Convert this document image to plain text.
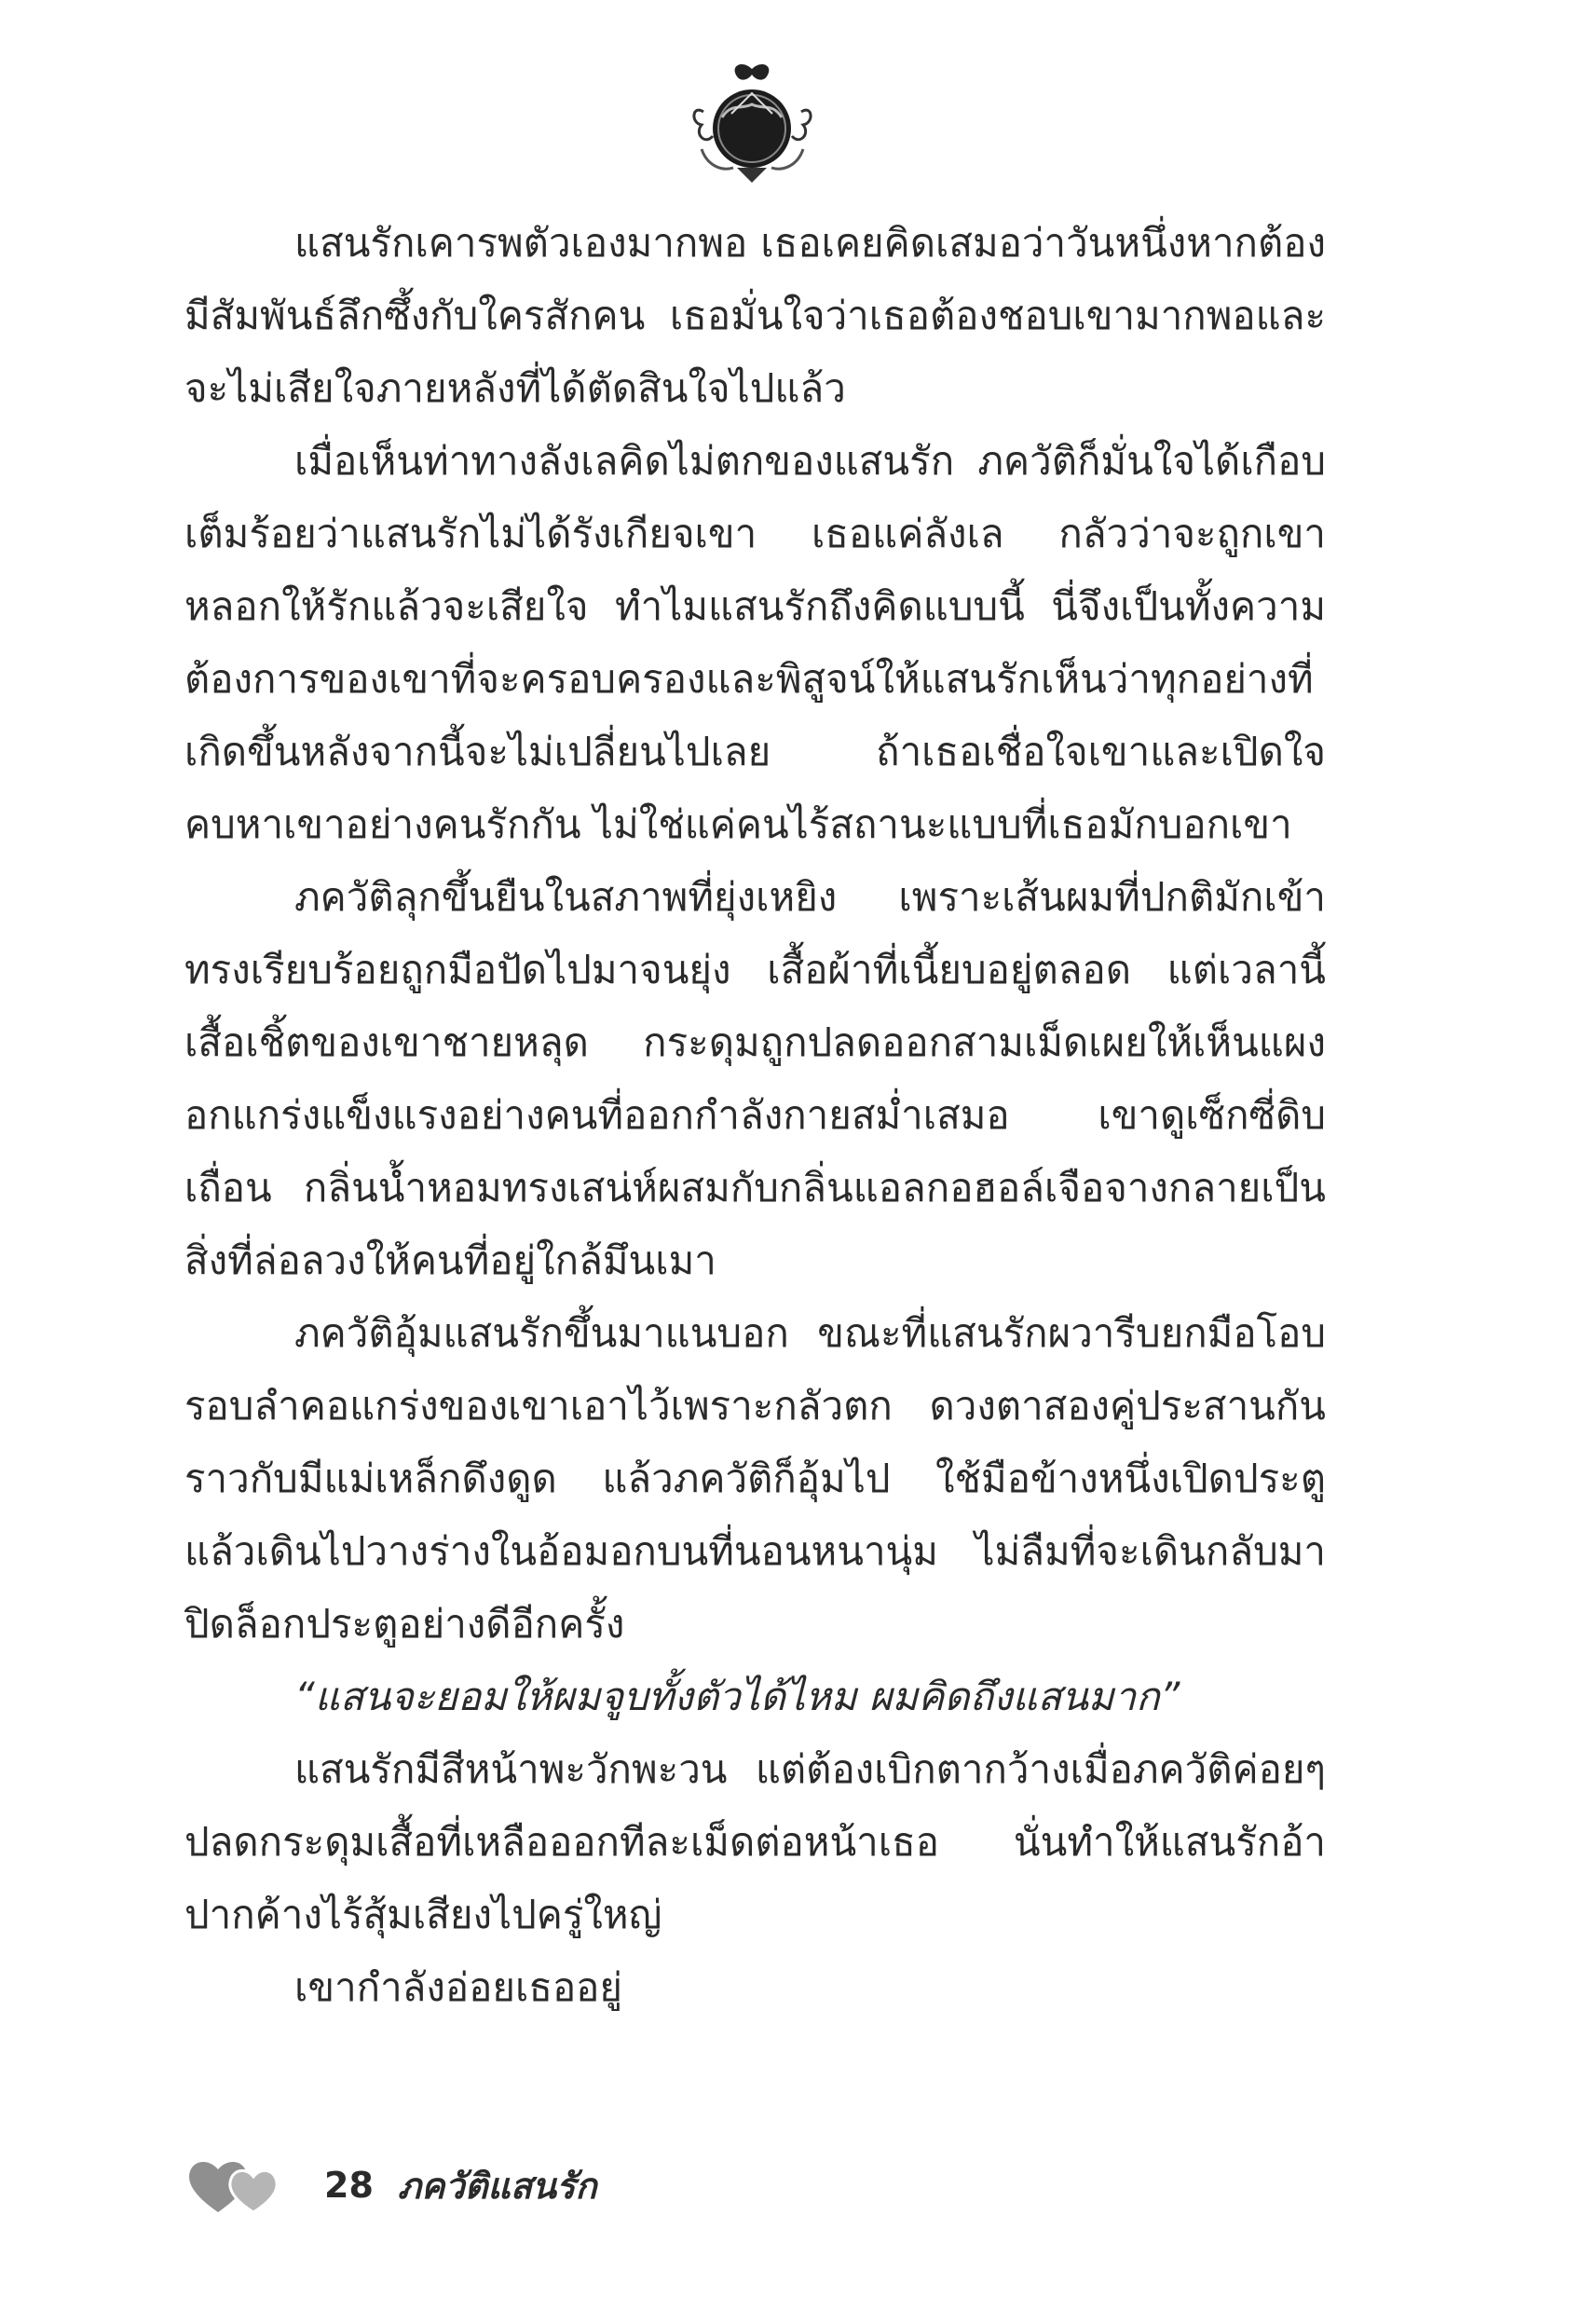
แสนรักเคารพตัวเองมากพอ เธอเคยคิดเสมอว่าวันหนึ่งหากต้องมีสัมพันธ์ลึกซึ้งกับใครสักคน เธอมั่นใจว่าเธอต้องชอบเขามากพอและจะไม่เสียใจภายหลังที่ได้ตัดสินใจไปแล้ว

เมื่อเห็นท่าทางลังเลคิดไม่ตกของแสนรัก ภควัติก็มั่นใจได้เกือบเต็มร้อยว่าแสนรักไม่ได้รังเกียจเขา เธอแค่ลังเล กลัวว่าจะถูกเขาหลอกให้รักแล้วจะเสียใจ ทำไมแสนรักถึงคิดแบบนี้ นี่จึงเป็นทั้งความต้องการของเขาที่จะครอบครองและพิสูจน์ให้แสนรักเห็นว่าทุกอย่างที่เกิดขึ้นหลังจากนี้จะไม่เปลี่ยนไปเลย ถ้าเธอเชื่อใจเขาและเปิดใจคบหาเขาอย่างคนรักกัน ไม่ใช่แค่คนไร้สถานะแบบที่เธอมักบอกเขา

ภควัติลุกขึ้นยืนในสภาพที่ยุ่งเหยิง เพราะเส้นผมที่ปกติมักเข้าทรงเรียบร้อยถูกมือปัดไปมาจนยุ่ง เสื้อผ้าที่เนี้ยบอยู่ตลอด แต่เวลานี้เสื้อเชิ้ตของเขาชายหลุด กระดุมถูกปลดออกสามเม็ดเผยให้เห็นแผงอกแกร่งแข็งแรงอย่างคนที่ออกกำลังกายสม่ำเสมอ เขาดูเซ็กซี่ดิบเถื่อน กลิ่นน้ำหอมทรงเสน่ห์ผสมกับกลิ่นแอลกอฮอล์เจือจางกลายเป็นสิ่งที่ล่อลวงให้คนที่อยู่ใกล้มึนเมา

ภควัติอุ้มแสนรักขึ้นมาแนบอก ขณะที่แสนรักผวารีบยกมือโอบรอบลำคอแกร่งของเขาเอาไว้เพราะกลัวตก ดวงตาสองคู่ประสานกันราวกับมีแม่เหล็กดึงดูด แล้วภควัติก็อุ้มไป ใช้มือข้างหนึ่งเปิดประตูแล้วเดินไปวางร่างในอ้อมอกบนที่นอนหนานุ่ม ไม่ลืมที่จะเดินกลับมาปิดล็อกประตูอย่างดีอีกครั้ง

“แสนจะยอมให้ผมจูบทั้งตัวได้ไหม ผมคิดถึงแสนมาก”

แสนรักมีสีหน้าพะวักพะวน แต่ต้องเบิกตากว้างเมื่อภควัติค่อยๆ ปลดกระดุมเสื้อที่เหลือออกทีละเม็ดต่อหน้าเธอ นั่นทำให้แสนรักอ้าปากค้างไร้สุ้มเสียงไปครู่ใหญ่

เขากำลังอ่อยเธออยู่

28 ภควัติแสนรัก
